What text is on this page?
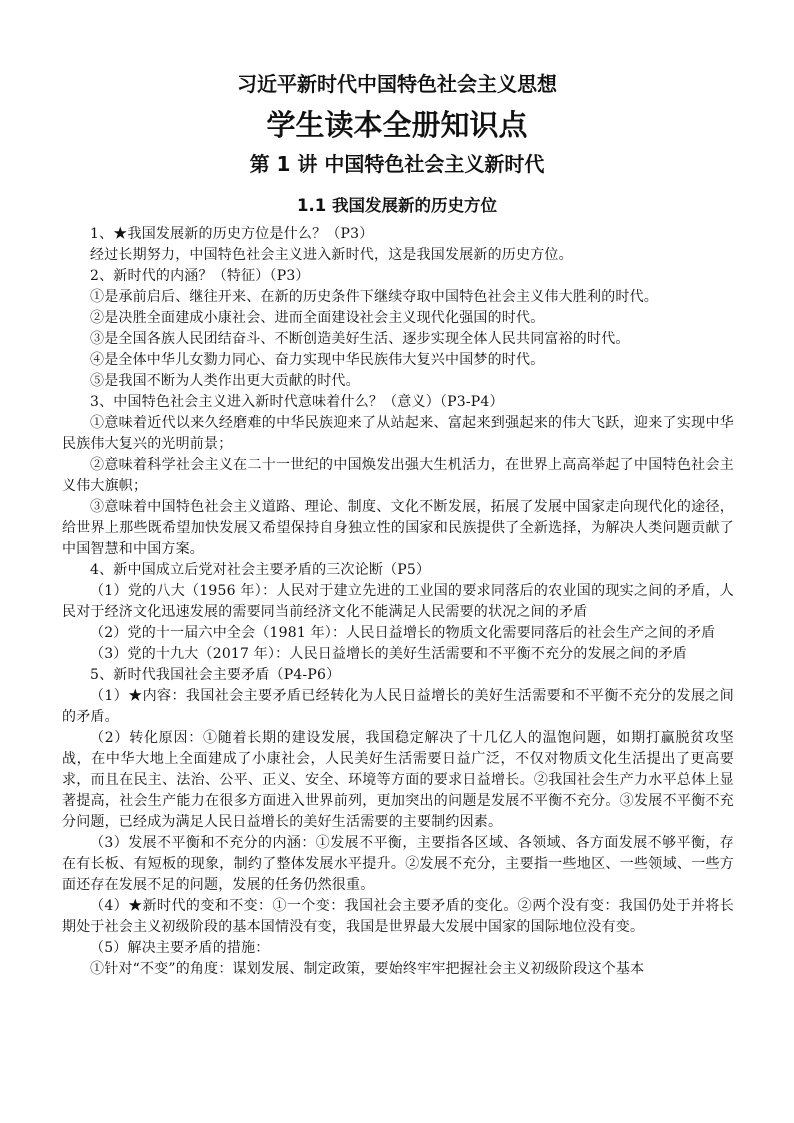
习近平新时代中国特色社会主义思想
学生读本全册知识点
第 1 讲 中国特色社会主义新时代
1.1 我国发展新的历史方位

1、★我国发展新的历史方位是什么？（P3）

经过长期努力，中国特色社会主义进入新时代，这是我国发展新的历史方位。

2、新时代的内涵？（特征）（P3）

①是承前启后、继往开来、在新的历史条件下继续夺取中国特色社会主义伟大胜利的时代。

②是决胜全面建成小康社会、进而全面建设社会主义现代化强国的时代。

③是全国各族人民团结奋斗、不断创造美好生活、逐步实现全体人民共同富裕的时代。

④是全体中华儿女勠力同心、奋力实现中华民族伟大复兴中国梦的时代。

⑤是我国不断为人类作出更大贡献的时代。

3、中国特色社会主义进入新时代意味着什么？（意义）（P3-P4）

①意味着近代以来久经磨难的中华民族迎来了从站起来、富起来到强起来的伟大飞跃，迎来了实现中华民族伟大复兴的光明前景；

②意味着科学社会主义在二十一世纪的中国焕发出强大生机活力，在世界上高高举起了中国特色社会主义伟大旗帜；

③意味着中国特色社会主义道路、理论、制度、文化不断发展，拓展了发展中国家走向现代化的途径，给世界上那些既希望加快发展又希望保持自身独立性的国家和民族提供了全新选择，为解决人类问题贡献了中国智慧和中国方案。

4、新中国成立后党对社会主要矛盾的三次论断（P5）

（1）党的八大（1956 年）：人民对于建立先进的工业国的要求同落后的农业国的现实之间的矛盾，人民对于经济文化迅速发展的需要同当前经济文化不能满足人民需要的状况之间的矛盾

（2）党的十一届六中全会（1981 年）：人民日益增长的物质文化需要同落后的社会生产之间的矛盾

（3）党的十九大（2017 年）：人民日益增长的美好生活需要和不平衡不充分的发展之间的矛盾

5、新时代我国社会主要矛盾（P4-P6）

（1）★内容：我国社会主要矛盾已经转化为人民日益增长的美好生活需要和不平衡不充分的发展之间的矛盾。

（2）转化原因：①随着长期的建设发展，我国稳定解决了十几亿人的温饱问题，如期打赢脱贫攻坚战，在中华大地上全面建成了小康社会，人民美好生活需要日益广泛，不仅对物质文化生活提出了更高要求，而且在民主、法治、公平、正义、安全、环境等方面的要求日益增长。②我国社会生产力水平总体上显著提高，社会生产能力在很多方面进入世界前列，更加突出的问题是发展不平衡不充分。③发展不平衡不充分问题，已经成为满足人民日益增长的美好生活需要的主要制约因素。

（3）发展不平衡和不充分的内涵：①发展不平衡，主要指各区域、各领域、各方面发展不够平衡，存在有长板、有短板的现象，制约了整体发展水平提升。②发展不充分，主要指一些地区、一些领域、一些方面还存在发展不足的问题，发展的任务仍然很重。

（4）★新时代的变和不变：①一个变：我国社会主要矛盾的变化。②两个没有变：我国仍处于并将长期处于社会主义初级阶段的基本国情没有变，我国是世界最大发展中国家的国际地位没有变。

（5）解决主要矛盾的措施：

①针对“不变”的角度：谋划发展、制定政策，要始终牢牢把握社会主义初级阶段这个基本
